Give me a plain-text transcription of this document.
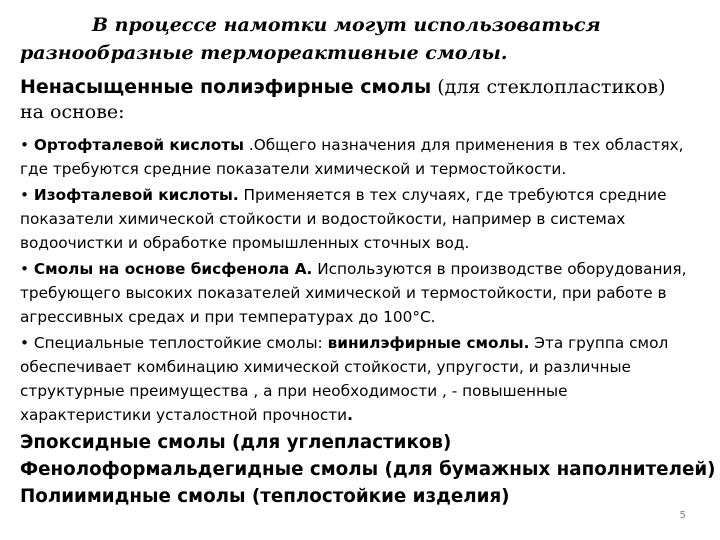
В процессе намотки могут использоваться
разнообразные термореактивные смолы.
Ненасыщенные полиэфирные смолы (для стеклопластиков) на основе:
• Ортофталевой кислоты .Общего назначения для применения в тех областях, где требуются средние показатели химической и термостойкости.
• Изофталевой кислоты. Применяется в тех случаях, где требуются средние показатели химической стойкости и водостойкости, например в системах водоочистки и обработке промышленных сточных вод.
• Смолы на основе бисфенола А. Используются в производстве оборудования, требующего высоких показателей химической и термостойкости, при работе в агрессивных средах и при температурах до 100°С.
• Специальные теплостойкие смолы: винилэфирные смолы. Эта группа смол обеспечивает комбинацию химической стойкости, упругости, и различные структурные преимущества , а при необходимости , - повышенные характеристики усталостной прочности.
Эпоксидные смолы (для углепластиков)
Фенолоформальдегидные смолы (для бумажных наполнителей)
Полиимидные смолы (теплостойкие изделия)
5
